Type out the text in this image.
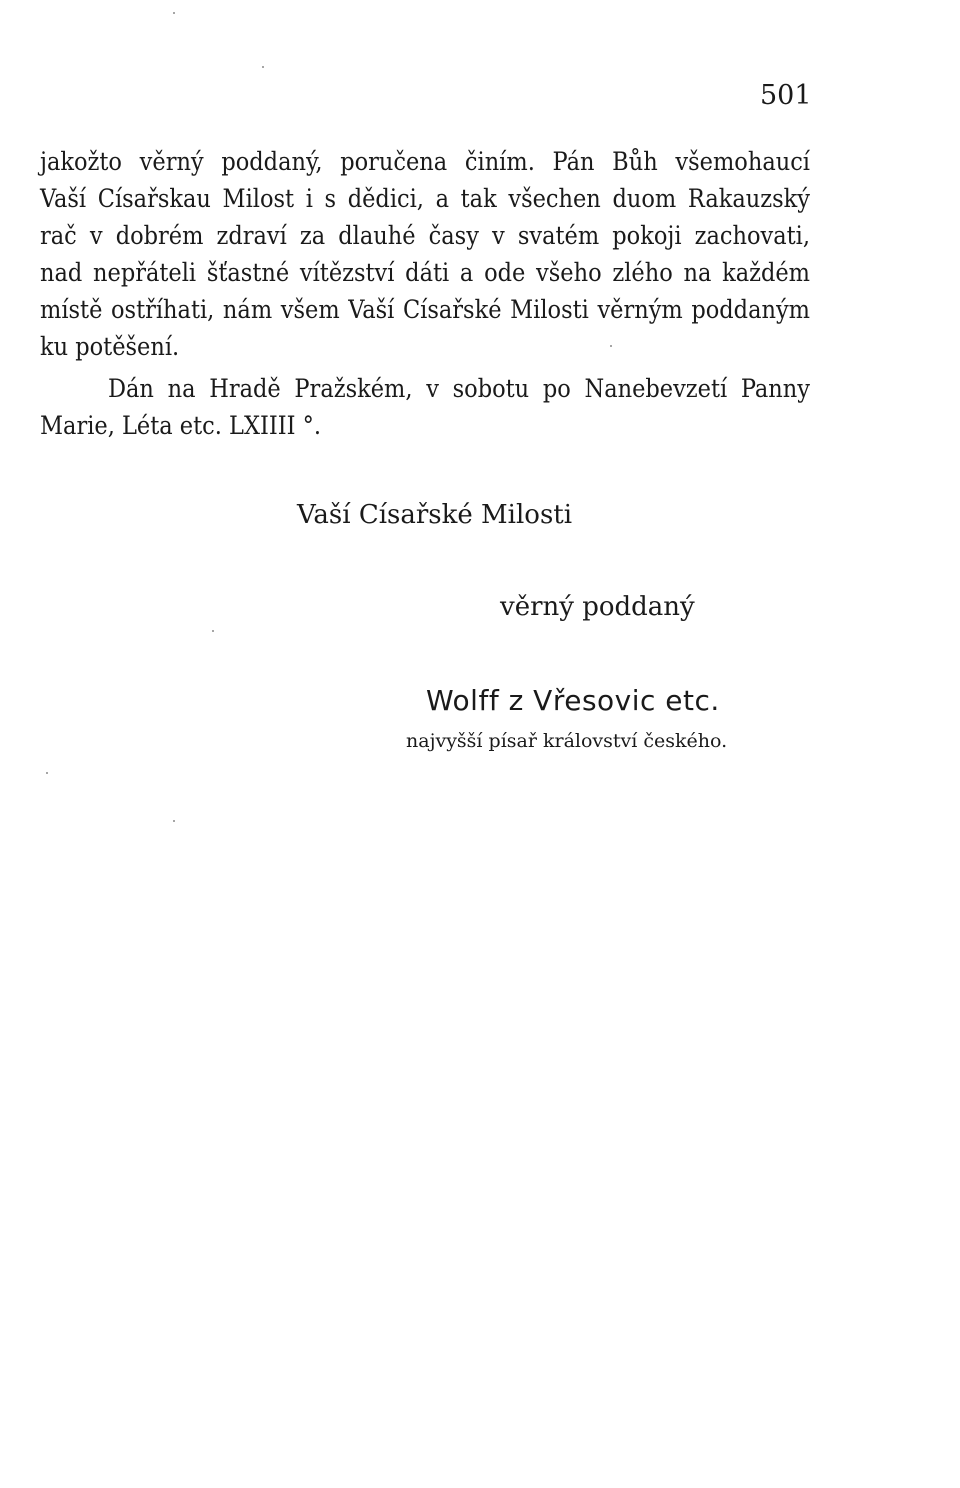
501
jakožto věrný poddaný, poručena činím. Pán Bůh všemohaucí
Vaší Císařskau Milost i s dědici, a tak všechen duom Rakauzský
rač v dobrém zdraví za dlauhé časy v svatém pokoji zachovati,
nad nepřáteli šťastné vítězství dáti a ode všeho zlého na každém
místě ostříhati, nám všem Vaší Císařské Milosti věrným poddaným
ku potěšení.
Dán na Hradě Pražském, v sobotu po Nanebevzetí Panny
Marie, Léta etc. LXIIII °.
Vaší Císařské Milosti
věrný poddaný
Wolff z Vřesovic etc.
najvyšší písař království českého.
